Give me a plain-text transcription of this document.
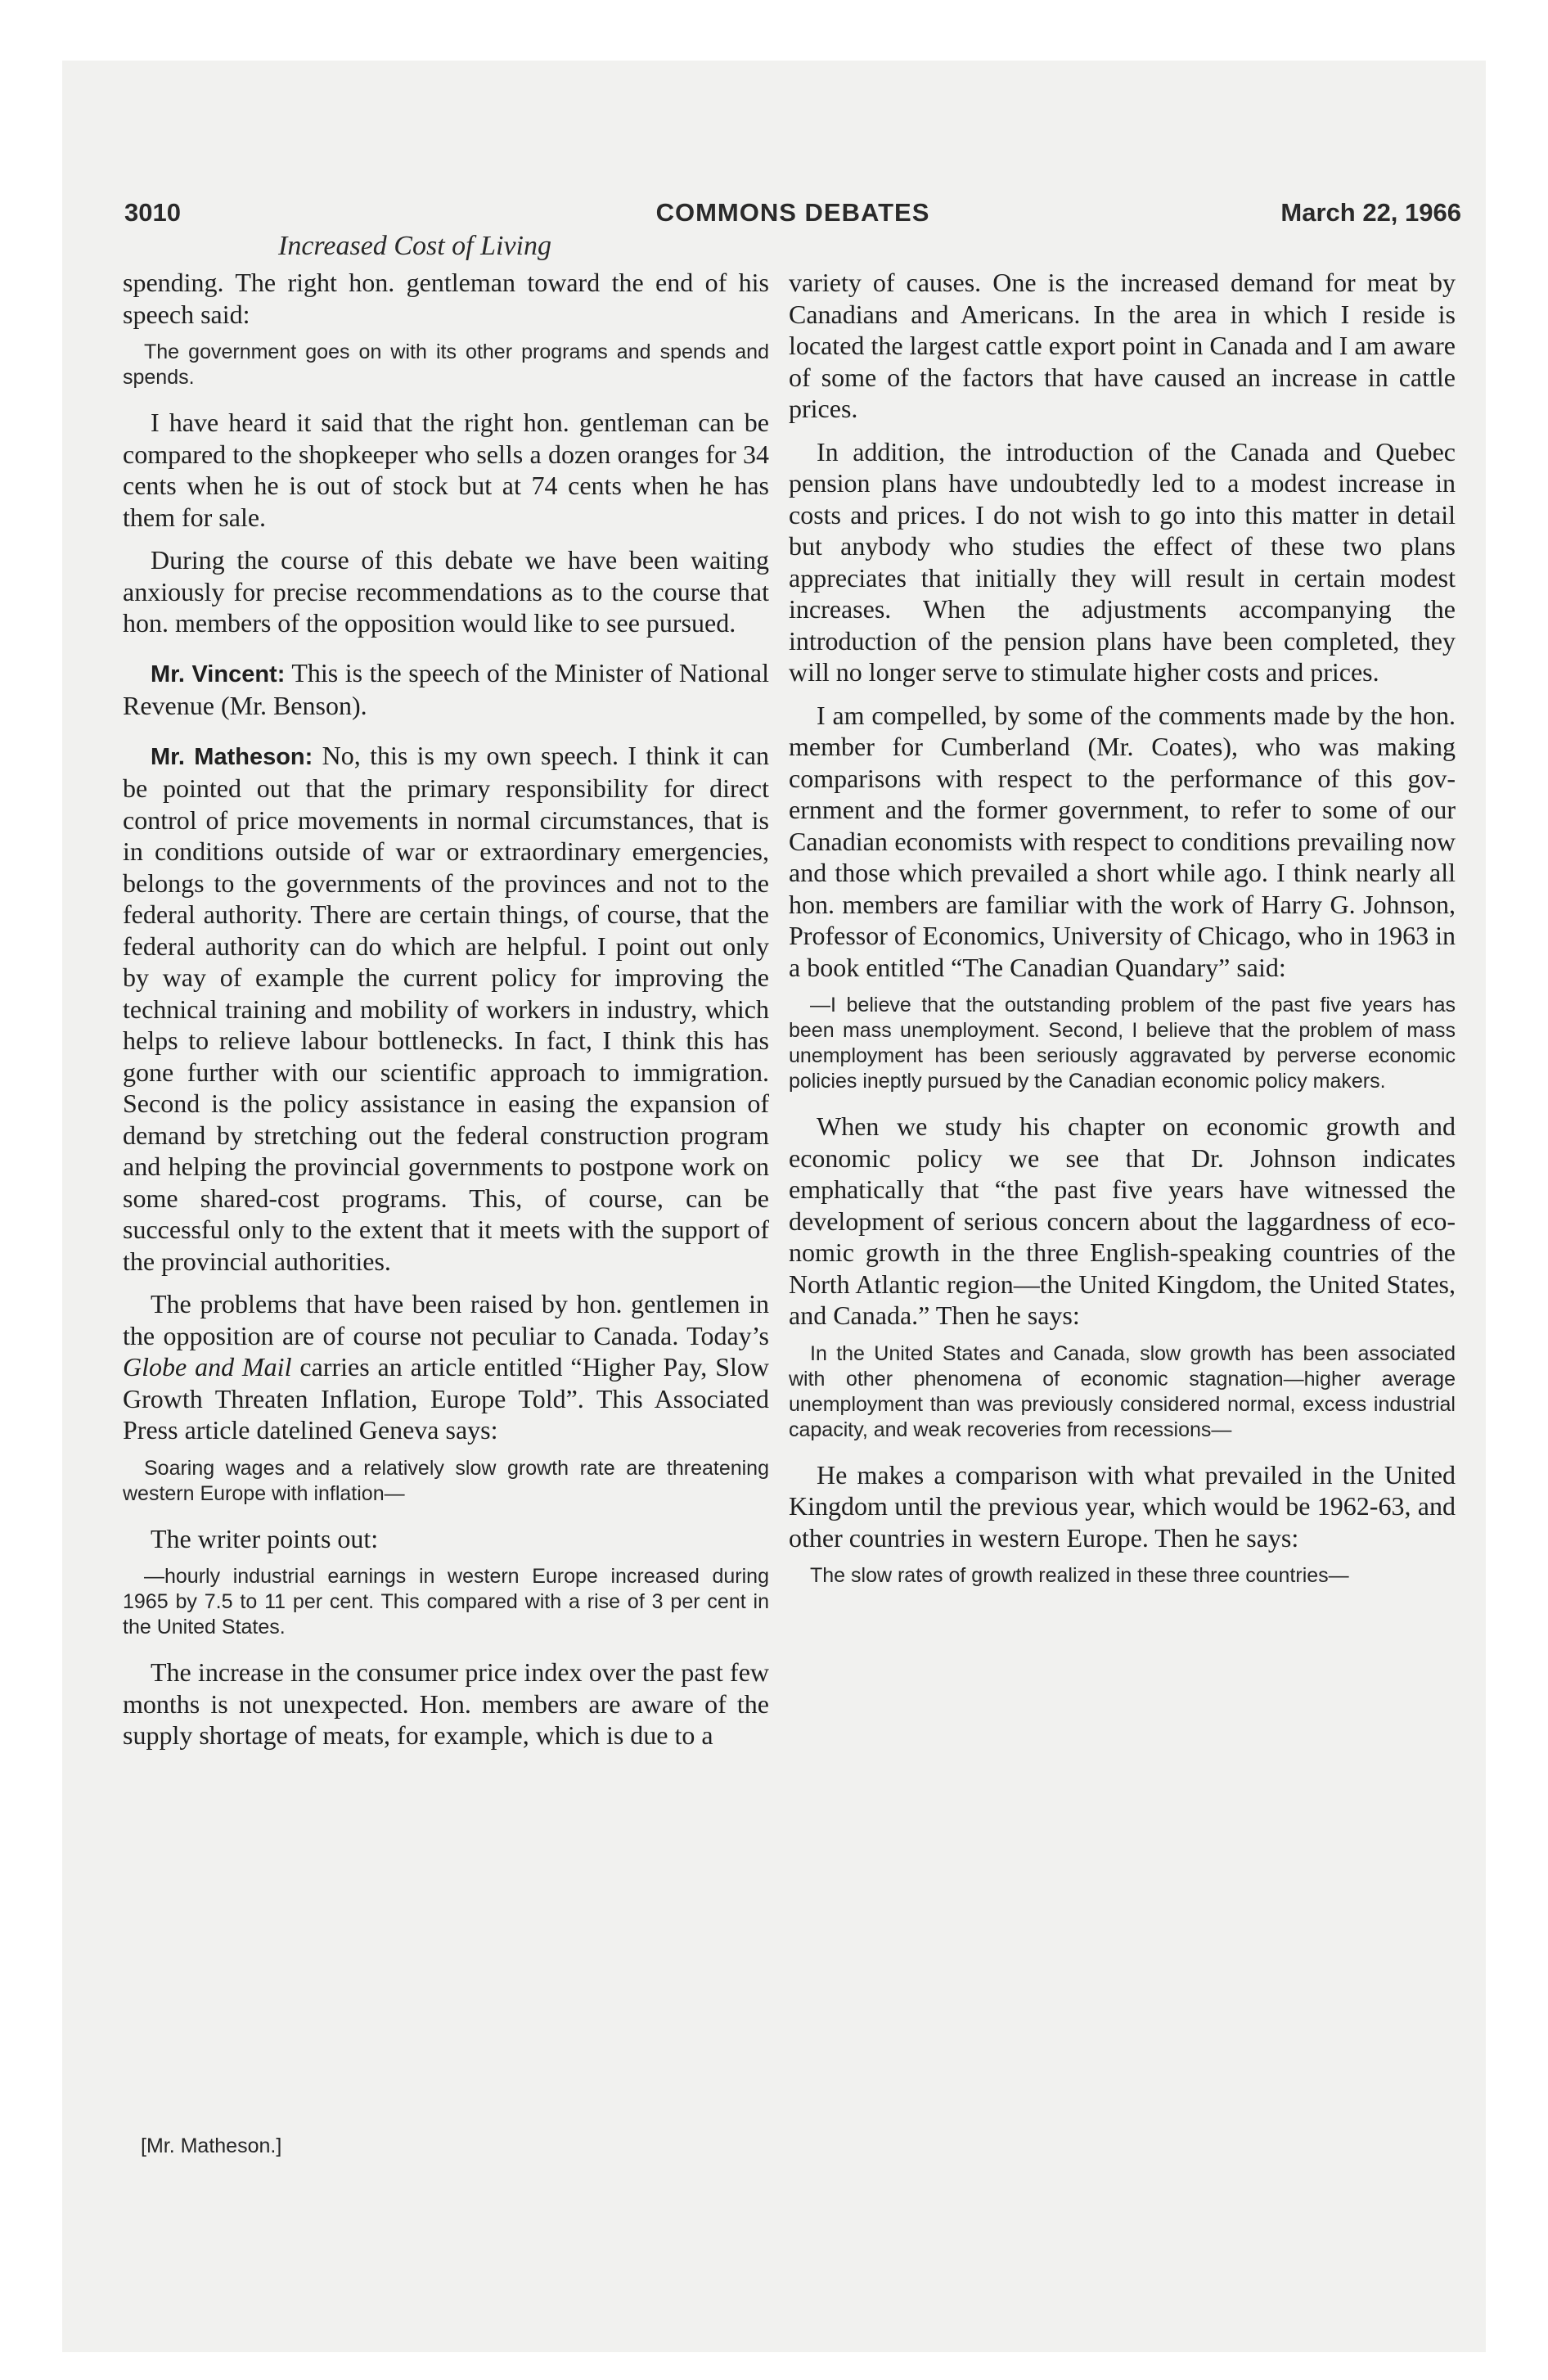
3010	COMMONS DEBATES	March 22, 1966
Increased Cost of Living

spending. The right hon. gentleman toward the end of his speech said:

The government goes on with its other programs and spends and spends.

I have heard it said that the right hon. gentleman can be compared to the shopkeeper who sells a dozen oranges for 34 cents when he is out of stock but at 74 cents when he has them for sale.

During the course of this debate we have been waiting anxiously for precise recommendations as to the course that hon. members of the opposition would like to see pursued.

Mr. Vincent: This is the speech of the Minister of National Revenue (Mr. Benson).

Mr. Matheson: No, this is my own speech. I think it can be pointed out that the primary responsibility for direct control of price movements in normal circumstances, that is in conditions outside of war or extraordinary emergencies, belongs to the governments of the provinces and not to the federal authority. There are certain things, of course, that the federal authority can do which are helpful. I point out only by way of example the current policy for improving the technical training and mobility of workers in industry, which helps to relieve labour bottlenecks. In fact, I think this has gone further with our scientific approach to immigration. Second is the policy assistance in easing the expansion of demand by stretching out the federal construction program and helping the provincial governments to postpone work on some shared-cost programs. This, of course, can be successful only to the extent that it meets with the support of the provincial authorities.

The problems that have been raised by hon. gentlemen in the opposition are of course not peculiar to Canada. Today’s Globe and Mail carries an article entitled “Higher Pay, Slow Growth Threaten Inflation, Europe Told”. This Associated Press article datelined Geneva says:

Soaring wages and a relatively slow growth rate are threatening western Europe with inflation—

The writer points out:

—hourly industrial earnings in western Europe increased during 1965 by 7.5 to 11 per cent. This compared with a rise of 3 per cent in the United States.

The increase in the consumer price index over the past few months is not unexpected. Hon. members are aware of the supply shortage of meats, for example, which is due to a

variety of causes. One is the increased demand for meat by Canadians and Americans. In the area in which I reside is located the largest cattle export point in Canada and I am aware of some of the factors that have caused an increase in cattle prices.

In addition, the introduction of the Canada and Quebec pension plans have undoubtedly led to a modest increase in costs and prices. I do not wish to go into this matter in detail but anybody who studies the effect of these two plans appreciates that initially they will result in certain modest increases. When the adjustments accompanying the introduction of the pension plans have been completed, they will no longer serve to stimulate higher costs and prices.

I am compelled, by some of the comments made by the hon. member for Cumberland (Mr. Coates), who was making comparisons with respect to the performance of this government and the former government, to refer to some of our Canadian economists with respect to conditions prevailing now and those which prevailed a short while ago. I think nearly all hon. members are familiar with the work of Harry G. Johnson, Professor of Economics, University of Chicago, who in 1963 in a book entitled “The Canadian Quandary” said:

—I believe that the outstanding problem of the past five years has been mass unemployment. Second, I believe that the problem of mass unemployment has been seriously aggravated by perverse economic policies ineptly pursued by the Canadian economic policy makers.

When we study his chapter on economic growth and economic policy we see that Dr. Johnson indicates emphatically that “the past five years have witnessed the development of serious concern about the laggardness of economic growth in the three English-speaking countries of the North Atlantic region—the United Kingdom, the United States, and Canada.” Then he says:

In the United States and Canada, slow growth has been associated with other phenomena of economic stagnation—higher average unemployment than was previously considered normal, excess industrial capacity, and weak recoveries from recessions—

He makes a comparison with what prevailed in the United Kingdom until the previous year, which would be 1962-63, and other countries in western Europe. Then he says:

The slow rates of growth realized in these three countries—
[Mr. Matheson.]
